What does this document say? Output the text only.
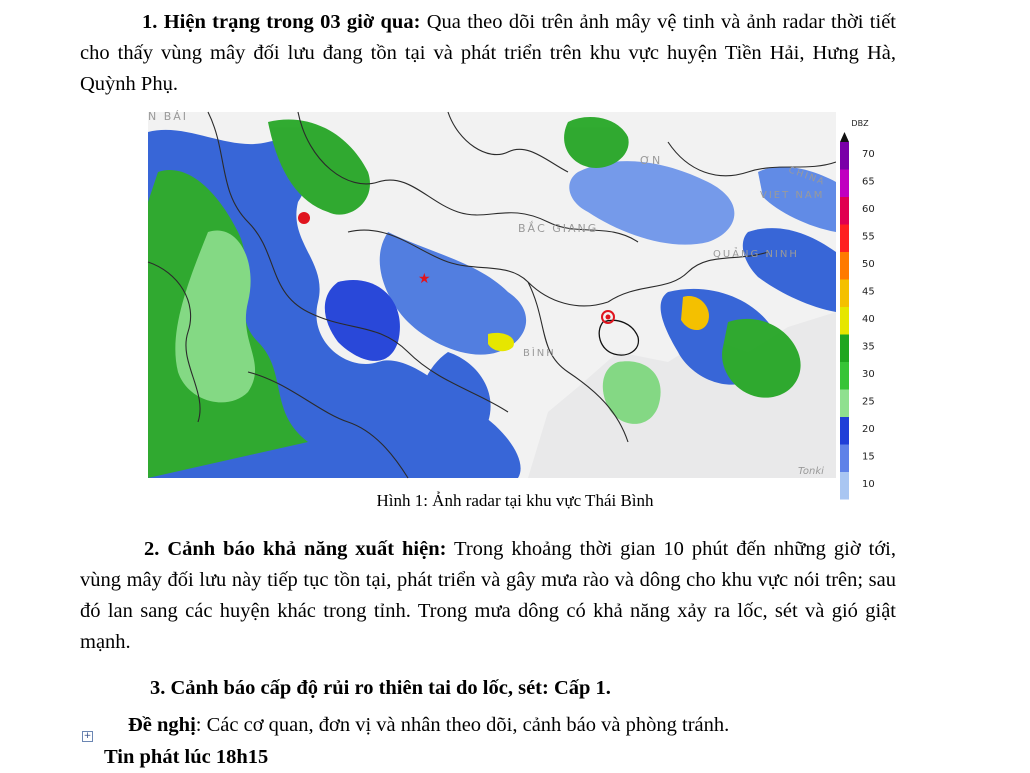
1. Hiện trạng trong 03 giờ qua: Qua theo dõi trên ảnh mây vệ tinh và ảnh radar thời tiết cho thấy vùng mây đối lưu đang tồn tại và phát triển trên khu vực huyện Tiền Hải, Hưng Hà, Quỳnh Phụ.

★
N BÁI
BẮC GIANG
ƠN
CHINA
VIET NAM
QUẢNG NINH
BÌNH
Tonki
DBZ
70
65
60
55
50
45
40
35
30
25
20
15
10
Hình 1: Ảnh radar tại khu vực Thái Bình

2. Cảnh báo khả năng xuất hiện: Trong khoảng thời gian 10 phút đến những giờ tới, vùng mây đối lưu này tiếp tục tồn tại, phát triển và gây mưa rào và dông cho khu vực nói trên; sau đó lan sang các huyện khác trong tỉnh. Trong mưa dông có khả năng xảy ra lốc, sét và gió giật mạnh.

3. Cảnh báo cấp độ rủi ro thiên tai do lốc, sét: Cấp 1.

Đề nghị: Các cơ quan, đơn vị và nhân theo dõi, cảnh báo và phòng tránh.

+

Tin phát lúc 18h15
